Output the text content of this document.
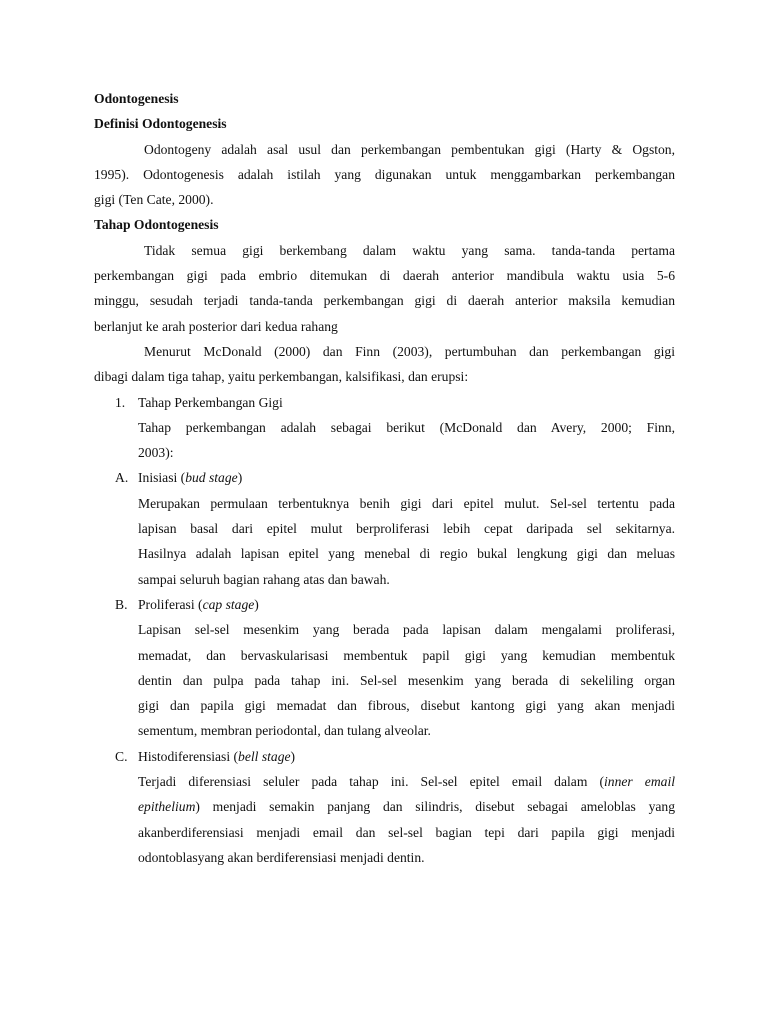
Odontogenesis
Definisi Odontogenesis
Odontogeny adalah asal usul dan perkembangan pembentukan gigi (Harty & Ogston,
1995). Odontogenesis adalah istilah yang digunakan untuk menggambarkan perkembangan
gigi (Ten Cate, 2000).
Tahap Odontogenesis
Tidak semua gigi berkembang dalam waktu yang sama. tanda-tanda pertama
perkembangan gigi pada embrio ditemukan di daerah anterior mandibula waktu usia 5-6
minggu, sesudah terjadi tanda-tanda perkembangan gigi di daerah anterior maksila kemudian
berlanjut ke arah posterior dari kedua rahang
Menurut McDonald (2000) dan Finn (2003), pertumbuhan dan perkembangan gigi
dibagi dalam tiga tahap, yaitu perkembangan, kalsifikasi, dan erupsi:
1. Tahap Perkembangan Gigi
Tahap perkembangan adalah sebagai berikut (McDonald dan Avery, 2000; Finn,
2003):
A. Inisiasi (bud stage)
Merupakan permulaan terbentuknya benih gigi dari epitel mulut. Sel-sel tertentu pada
lapisan basal dari epitel mulut berproliferasi lebih cepat daripada sel sekitarnya.
Hasilnya adalah lapisan epitel yang menebal di regio bukal lengkung gigi dan meluas
sampai seluruh bagian rahang atas dan bawah.
B. Proliferasi (cap stage)
Lapisan sel-sel mesenkim yang berada pada lapisan dalam mengalami proliferasi,
memadat, dan bervaskularisasi membentuk papil gigi yang kemudian membentuk
dentin dan pulpa pada tahap ini. Sel-sel mesenkim yang berada di sekeliling organ
gigi dan papila gigi memadat dan fibrous, disebut kantong gigi yang akan menjadi
sementum, membran periodontal, dan tulang alveolar.
C. Histodiferensiasi (bell stage)
Terjadi diferensiasi seluler pada tahap ini. Sel-sel epitel email dalam (inner email
epithelium) menjadi semakin panjang dan silindris, disebut sebagai ameloblas yang
akanberdiferensiasi menjadi email dan sel-sel bagian tepi dari papila gigi menjadi
odontoblasyang akan berdiferensiasi menjadi dentin.
